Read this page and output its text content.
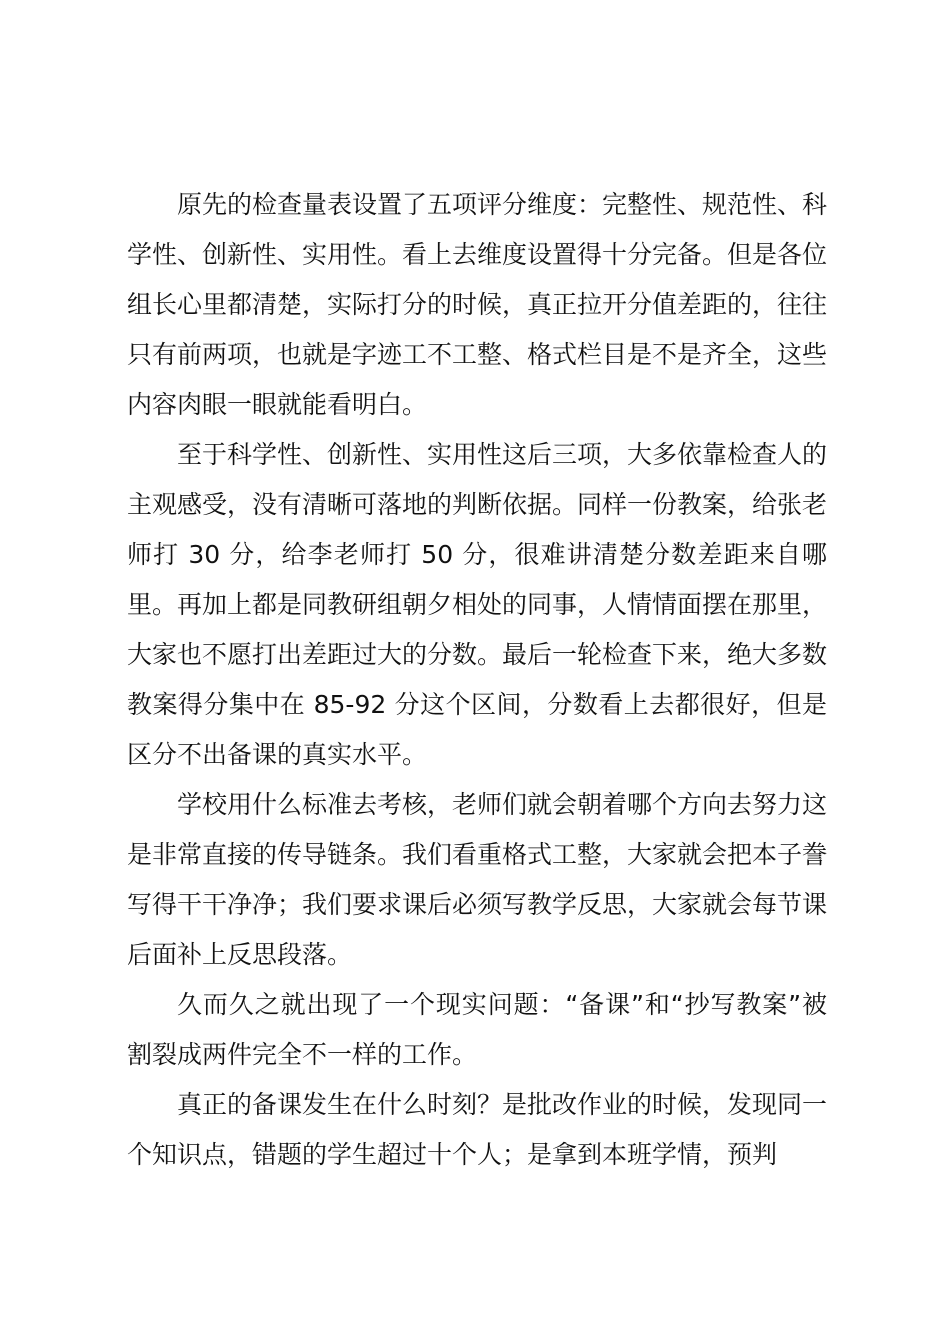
原先的检查量表设置了五项评分维度：完整性、规范性、科学性、创新性、实用性。看上去维度设置得十分完备。但是各位组长心里都清楚，实际打分的时候，真正拉开分值差距的，往往只有前两项，也就是字迹工不工整、格式栏目是不是齐全，这些内容肉眼一眼就能看明白。

至于科学性、创新性、实用性这后三项，大多依靠检查人的主观感受，没有清晰可落地的判断依据。同样一份教案，给张老师打 30 分，给李老师打 50 分，很难讲清楚分数差距来自哪里。再加上都是同教研组朝夕相处的同事，人情情面摆在那里，大家也不愿打出差距过大的分数。最后一轮检查下来，绝大多数教案得分集中在 85-92 分这个区间，分数看上去都很好，但是区分不出备课的真实水平。

学校用什么标准去考核，老师们就会朝着哪个方向去努力这是非常直接的传导链条。我们看重格式工整，大家就会把本子誊写得干干净净；我们要求课后必须写教学反思，大家就会每节课后面补上反思段落。

久而久之就出现了一个现实问题：“备课”和“抄写教案”被割裂成两件完全不一样的工作。

真正的备课发生在什么时刻？是批改作业的时候，发现同一个知识点，错题的学生超过十个人；是拿到本班学情，预判
